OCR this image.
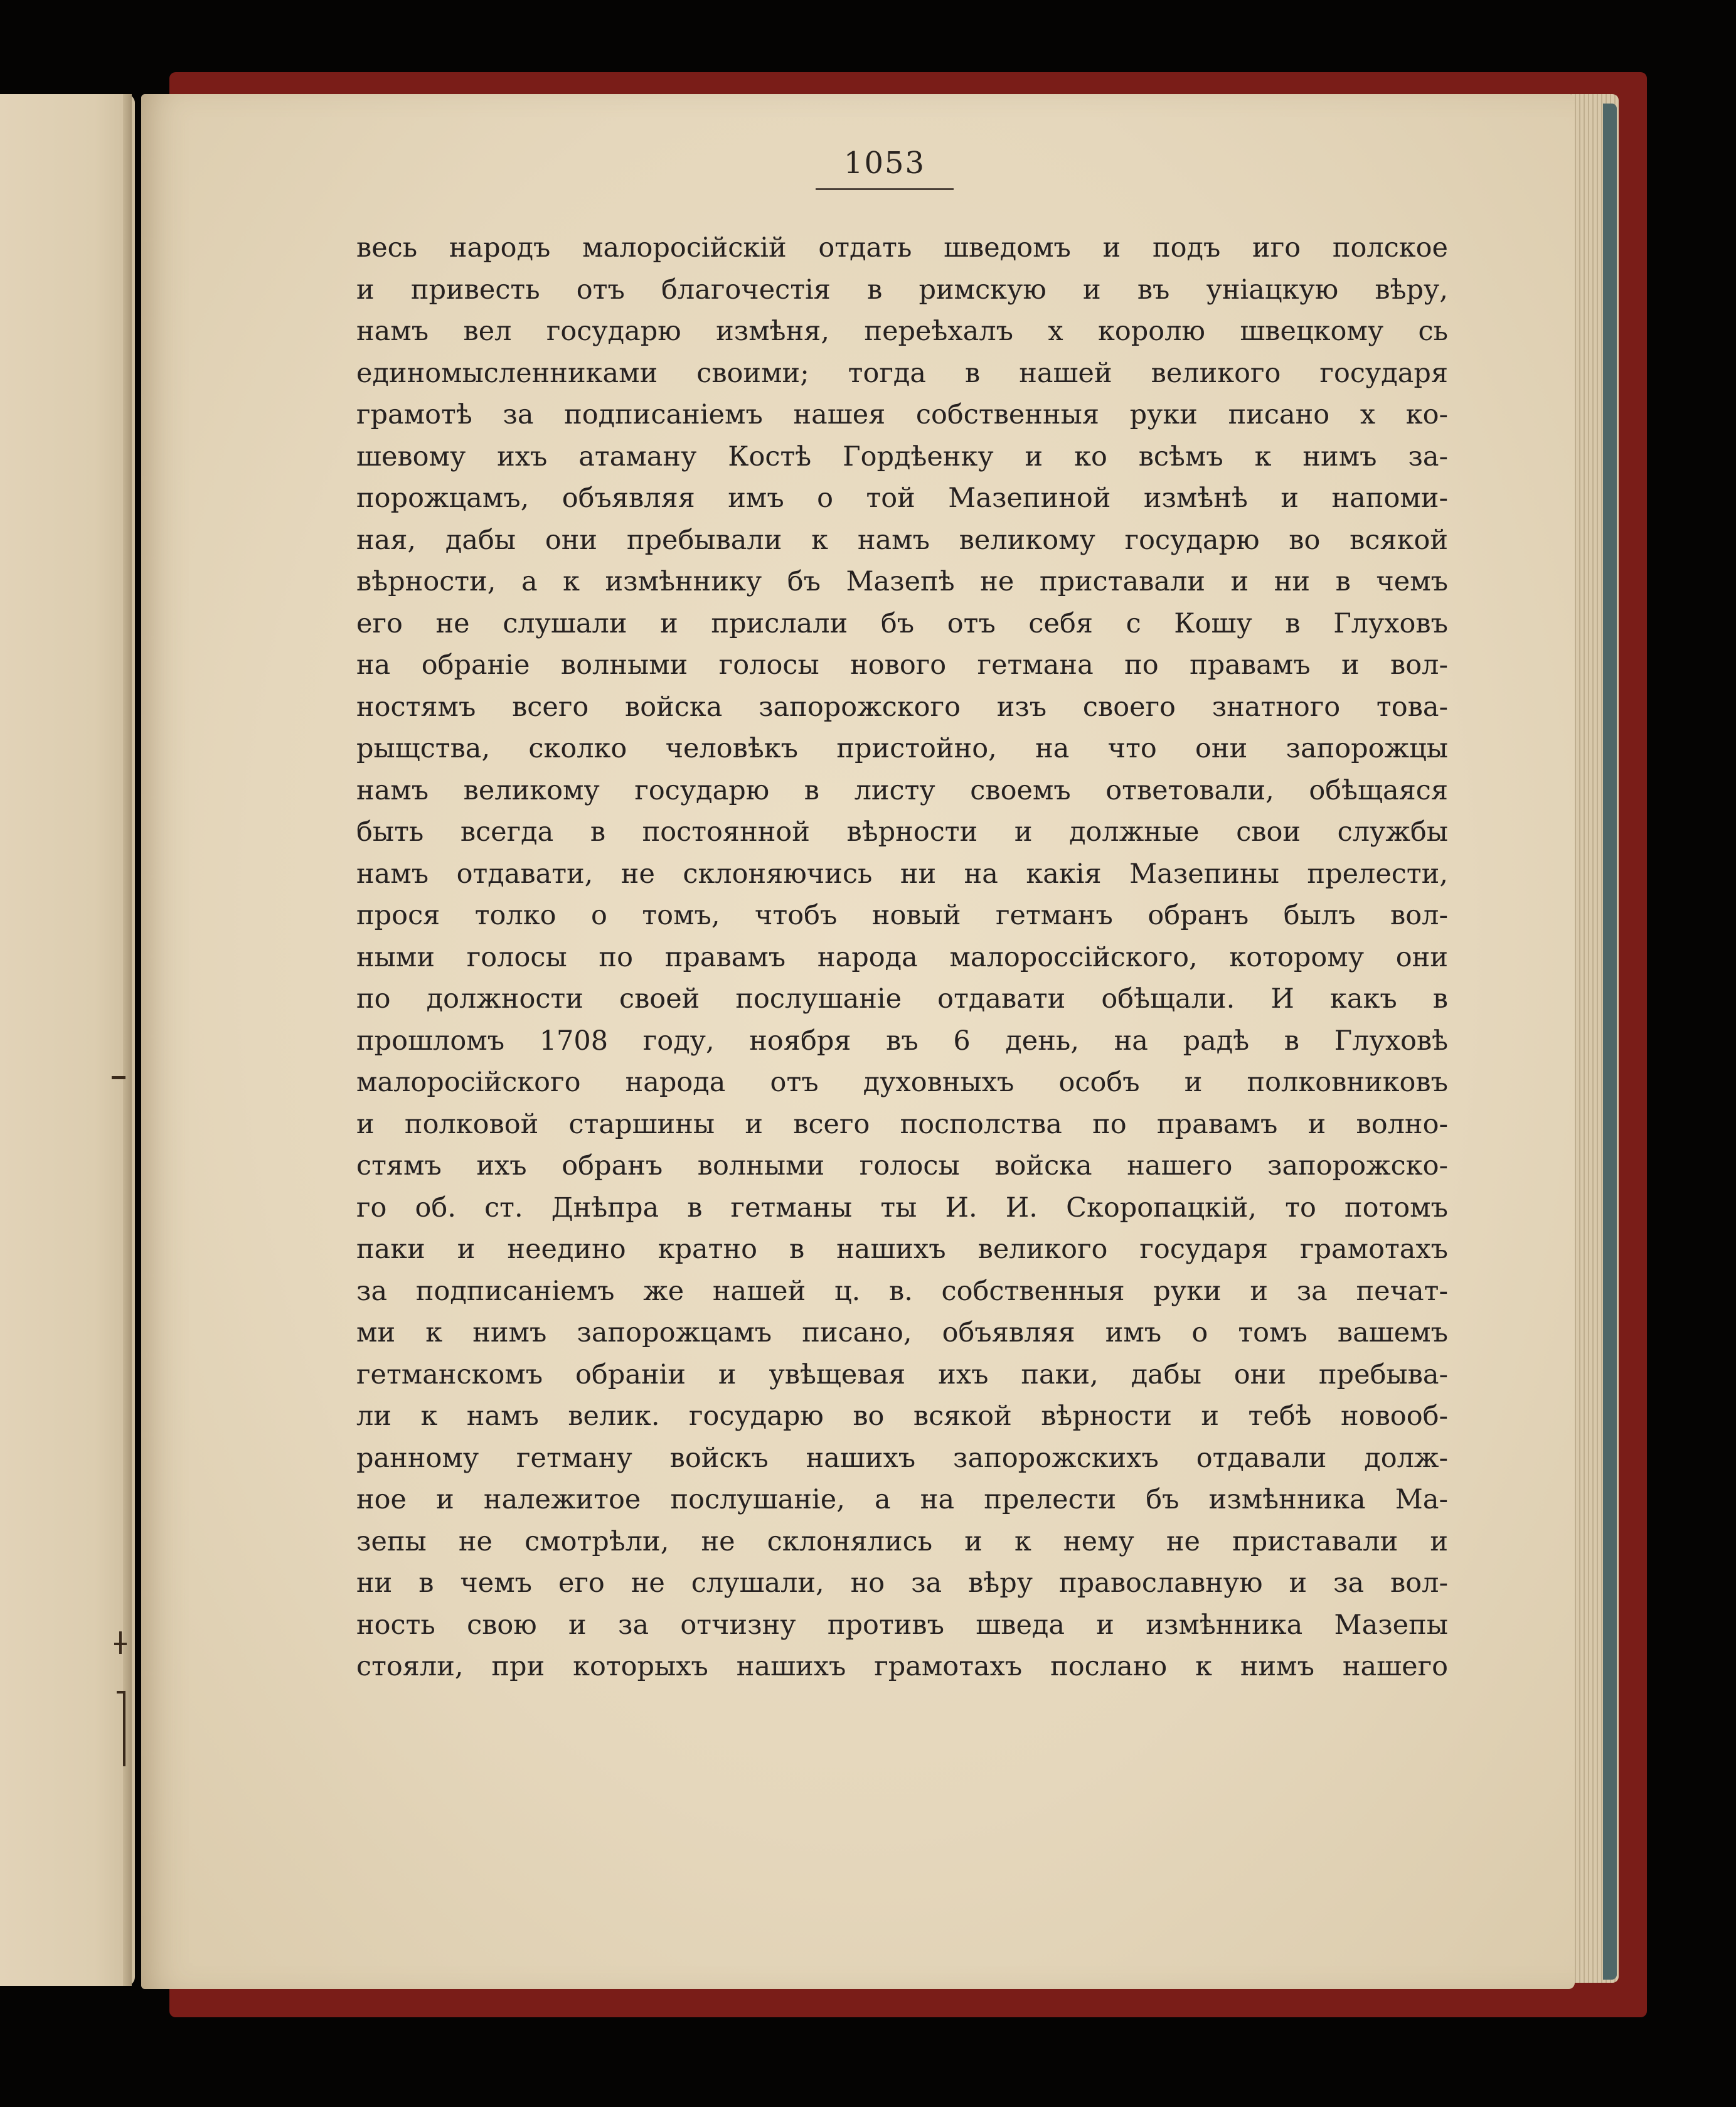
1053
весь народъ малоросійскій отдать шведомъ и подъ иго полское
и привесть отъ благочестія в римскую и въ уніацкую вѣру,
намъ вел государю измѣня, переѣхалъ х королю швецкому сь
единомысленниками своими; тогда в нашей великого государя
грамотѣ за подписаніемъ нашея собственныя руки писано х ко-
шевому ихъ атаману Костѣ Гордѣенку и ко всѣмъ к нимъ за-
порожцамъ, объявляя имъ о той Мазепиной измѣнѣ и напоми-
ная, дабы они пребывали к намъ великому государю во всякой
вѣрности, а к измѣннику бъ Мазепѣ не приставали и ни в чемъ
его не слушали и прислали бъ отъ себя с Кошу в Глуховъ
на обраніе волными голосы нового гетмана по правамъ и вол-
ностямъ всего войска запорожского изъ своего знатного това-
рыщства, сколко человѣкъ пристойно, на что они запорожцы
намъ великому государю в листу своемъ ответовали, обѣщаяся
быть всегда в постоянной вѣрности и должные свои службы
намъ отдавати, не склоняючись ни на какія Мазепины прелести,
прося толко о томъ, чтобъ новый гетманъ обранъ былъ вол-
ными голосы по правамъ народа малороссійского, которому они
по должности своей послушаніе отдавати обѣщали. И какъ в
прошломъ 1708 году, ноября въ 6 день, на радѣ в Глуховѣ
малоросійского народа отъ духовныхъ особъ и полковниковъ
и полковой старшины и всего посполства по правамъ и волно-
стямъ ихъ обранъ волными голосы войска нашего запорожско-
го об. ст. Днѣпра в гетманы ты И. И. Скоропацкій, то потомъ
паки и неедино кратно в нашихъ великого государя грамотахъ
за подписаніемъ же нашей ц. в. собственныя руки и за печат-
ми к нимъ запорожцамъ писано, объявляя имъ о томъ вашемъ
гетманскомъ обраніи и увѣщевая ихъ паки, дабы они пребыва-
ли к намъ велик. государю во всякой вѣрности и тебѣ новооб-
ранному гетману войскъ нашихъ запорожскихъ отдавали долж-
ное и належитое послушаніе, а на прелести бъ измѣнника Ма-
зепы не смотрѣли, не склонялись и к нему не приставали и
ни в чемъ его не слушали, но за вѣру православную и за вол-
ность свою и за отчизну противъ шведа и измѣнника Мазепы
стояли, при которыхъ нашихъ грамотахъ послано к нимъ нашего
